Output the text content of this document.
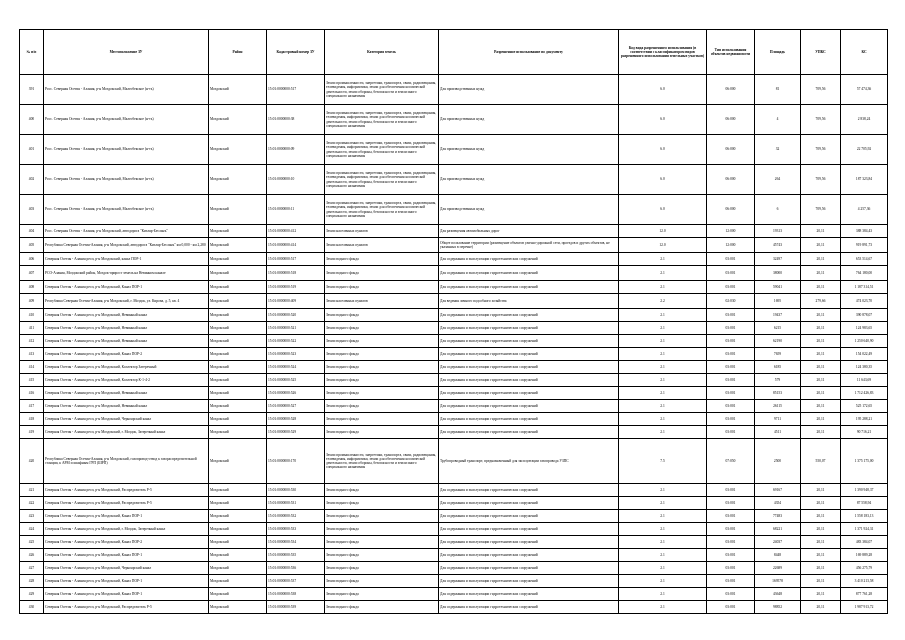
№ п/п	Местоположение ЗУ	Район	Кадастровый номер ЗУ	Категория земель	Разрешенное использование по документу	Код вида разрешенного использования (в соответствии с классификатором видов разрешенного использования земельных участков)	Тип использования объектов недвижимости	Площадь	УПКС	КС
391	Росс. Северная Осетия - Алания, р-н Моздокский, Малгобекское (н-ть)	Моздокский	15:01:0000000:517	Земли промышленности, энергетики, транспорта, связи, радиовещания, телевидения, информатики, земли для обеспечения космической деятельности, земли обороны, безопасности и земли иного специального назначения	Для производственных нужд	6.0	06:000	81	709,56	57 474,36
400	Росс. Северная Осетия - Алания, р-н Моздокский, Малгобекское (н-ть)	Моздокский	15:01:0000000:38	Земли промышленности, энергетики, транспорта, связи, радиовещания, телевидения, информатики, земли для обеспечения космической деятельности, земли обороны, безопасности и земли иного специального назначения	Для производственных нужд	6.0	06:000	4	709,56	2 838,24
401	Росс. Северная Осетия - Алания, р-н Моздокский, Малгобекское (н-ть)	Моздокский	15:01:0000000:09	Земли промышленности, энергетики, транспорта, связи, радиовещания, телевидения, информатики, земли для обеспечения космической деятельности, земли обороны, безопасности и земли иного специального назначения	Для производственных нужд	6.0	06:000	32	709,56	22 705,92
402	Росс. Северная Осетия - Алания, р-н Моздокский, Малгобекское (н-ть)	Моздокский	15:01:0000000:10	Земли промышленности, энергетики, транспорта, связи, радиовещания, телевидения, информатики, земли для обеспечения космической деятельности, земли обороны, безопасности и земли иного специального назначения	Для производственных нужд	6.0	06:000	264	709,56	187 323,84
403	Росс. Северная Осетия - Алания, р-н Моздокский, Малгобекское (н-ть)	Моздокский	15:01:0000000:11	Земли промышленности, энергетики, транспорта, связи, радиовещания, телевидения, информатики, земли для обеспечения космической деятельности, земли обороны, безопасности и земли иного специального назначения	Для производственных нужд	6.0	06:000	6	709,56	4 257,36
404	Росс. Северная Осетия - Алания, р-н Моздокский, автодорога "Кизляр-Бесланъ"	Моздокский	15:01:0000000:412	Земли населенных пунктов	Для размещения автомобильных дорог	12.0	12:000	19313	20,11	388 384,43
405	Республика Северная Осетия-Алания, р-н Моздокский, автодорога "Кизляр-Бесланъ" км 0,000 - км 2,280	Моздокский	15:01:0000000:414	Земли населенных пунктов	Общее пользование территории (размещение объектов улично-дорожной сети, проездов и других объектов, не указанных в перечне)	12.0	12:000	45743	20,11	919 891,73
406	Северная Осетия - Алания респ, р-н Моздокский, канал ПОР-1	Моздокский	15:01:0000000:517	Земли водного фонда	Для содержания и эксплуатации гидротехнических сооружений	2.1	03:001	32497	20,11	653 514,67
407	РСО-Алания, Моздокский район, Моздок-прирост земель на Невинном канале	Моздокский	15:01:0000000:518	Земли водного фонда	Для содержания и эксплуатации гидротехнических сооружений	2.1	03:001	38000	20,11	764 180,00
408	Северная Осетия - Алания респ, р-н Моздокский, Канал ПОР-1	Моздокский	15:01:0000000:519	Земли водного фонда	Для содержания и эксплуатации гидротехнических сооружений	2.1	03:001	59041	20,11	1 187 314,51
409	Республика Северная Осетия-Алания, р-н Моздокский, г. Моздок, ул. Кирова, д. 5, кв. 4	Моздокский	15:01:0000000:409	Земли населенных пунктов	Для ведения личного подсобного хозяйства	2.2	02:030	1695	279,66	474 023,70
410	Северная Осетия - Алания респ, р-н Моздокский, Невинный канал	Моздокский	15:01:0000000:520	Земли водного фонда	Для содержания и эксплуатации гидротехнических сооружений	2.1	03:001	19437	20,11	390 878,07
411	Северная Осетия - Алания респ, р-н Моздокский, Невинный канал	Моздокский	15:01:0000000:521	Земли водного фонда	Для содержания и эксплуатации гидротехнических сооружений	2.1	03:001	6215	20,11	124 983,65
412	Северная Осетия - Алания респ, р-н Моздокский, Невинный канал	Моздокский	15:01:0000000:522	Земли водного фонда	Для содержания и эксплуатации гидротехнических сооружений	2.1	03:001	62190	20,11	1 250 640,90
413	Северная Осетия - Алания респ, р-н Моздокский, Канал ПОР-2	Моздокский	15:01:0000000:523	Земли водного фонда	Для содержания и эксплуатации гидротехнических сооружений	2.1	03:001	7659	20,11	154 022,49
414	Северная Осетия - Алания респ, р-н Моздокский, Коллектор Затеречный	Моздокский	15:01:0000000:524	Земли водного фонда	Для содержания и эксплуатации гидротехнических сооружений	2.1	03:001	6185	20,11	124 380,35
415	Северная Осетия - Алания респ, р-н Моздокский, Коллектор К-1-4-2	Моздокский	15:01:0000000:525	Земли водного фонда	Для содержания и эксплуатации гидротехнических сооружений	2.1	03:001	579	20,11	11 643,69
416	Северная Осетия - Алания респ, р-н Моздокский, Невинный канал	Моздокский	15:01:0000000:526	Земли водного фонда	Для содержания и эксплуатации гидротехнических сооружений	2.1	03:001	85153	20,11	1 712 426,83
417	Северная Осетия - Алания респ, р-н Моздокский, Невинный канал	Моздокский	15:01:0000000:527	Земли водного фонда	Для содержания и эксплуатации гидротехнических сооружений	2.1	03:001	26115	20,11	525 172,65
418	Северная Осетия - Алания респ, р-н Моздокский, Черноярский канал	Моздокский	15:01:0000000:528	Земли водного фонда	Для содержания и эксплуатации гидротехнических сооружений	2.1	03:001	9711	20,11	195 288,21
419	Северная Осетия - Алания респ, р-н Моздокский, г. Моздок, Затеречный канал	Моздокский	15:01:0000000:529	Земли водного фонда	Для содержания и эксплуатации гидротехнических сооружений	2.1	03:001	4511	20,11	90 716,21
420	Республика Северная Осетия-Алания, р-н Моздокский, газопровод-отвод к газораспределительной станции, к АРМ и шкафным ГРП (ШРП)	Моздокский	15:01:0000000:170	Земли промышленности, энергетики, транспорта, связи, радиовещания, телевидения, информатики, земли для обеспечения космической деятельности, земли обороны, безопасности и земли иного специального назначения	Трубопроводный транспорт, предназначенный для эксплуатации газопровода УЗПС	7.5	07:050	2500	550,07	1 375 175,00
421	Северная Осетия - Алания респ, р-н Моздокский, Распределитель Р-5	Моздокский	15:01:0000000:530	Земли водного фонда	Для содержания и эксплуатации гидротехнических сооружений	2.1	03:001	69167	20,11	1 390 948,37
422	Северная Осетия - Алания респ, р-н Моздокский, Распределитель Р-5	Моздокский	15:01:0000000:531	Земли водного фонда	Для содержания и эксплуатации гидротехнических сооружений	2.1	03:001	4354	20,11	87 558,94
423	Северная Осетия - Алания респ, р-н Моздокский, Канал ПОР-1	Моздокский	15:01:0000000:532	Земли водного фонда	Для содержания и эксплуатации гидротехнических сооружений	2.1	03:001	77483	20,11	1 558 183,13
424	Северная Осетия - Алания респ, р-н Моздокский, г. Моздок, Затеречный канал	Моздокский	15:01:0000000:533	Земли водного фонда	Для содержания и эксплуатации гидротехнических сооружений	2.1	03:001	68221	20,11	1 371 924,31
425	Северная Осетия - Алания респ, р-н Моздокский, Канал ПОР-2	Моздокский	15:01:0000000:534	Земли водного фонда	Для содержания и эксплуатации гидротехнических сооружений	2.1	03:001	24037	20,11	483 384,07
426	Северная Осетия - Алания респ, р-н Моздокский, Канал ПОР-1	Моздокский	15:01:0000000:535	Земли водного фонда	Для содержания и эксплуатации гидротехнических сооружений	2.1	03:001	8448	20,11	169 889,28
427	Северная Осетия - Алания респ, р-н Моздокский, Черноярский канал	Моздокский	15:01:0000000:536	Земли водного фонда	Для содержания и эксплуатации гидротехнических сооружений	2.1	03:001	22689	20,11	456 275,79
428	Северная Осетия - Алания респ, р-н Моздокский, Канал ПОР-1	Моздокский	15:01:0000000:537	Земли водного фонда	Для содержания и эксплуатации гидротехнических сооружений	2.1	03:001	169578	20,11	3 410 213,58
429	Северная Осетия - Алания респ, р-н Моздокский, Канал ПОР-1	Моздокский	15:01:0000000:538	Земли водного фонда	Для содержания и эксплуатации гидротехнических сооружений	2.1	03:001	43648	20,11	877 761,28
430	Северная Осетия - Алания респ, р-н Моздокский, Распределитель Р-5	Моздокский	15:01:0000000:539	Земли водного фонда	Для содержания и эксплуатации гидротехнических сооружений	2.1	03:001	98852	20,11	1 987 913,72
